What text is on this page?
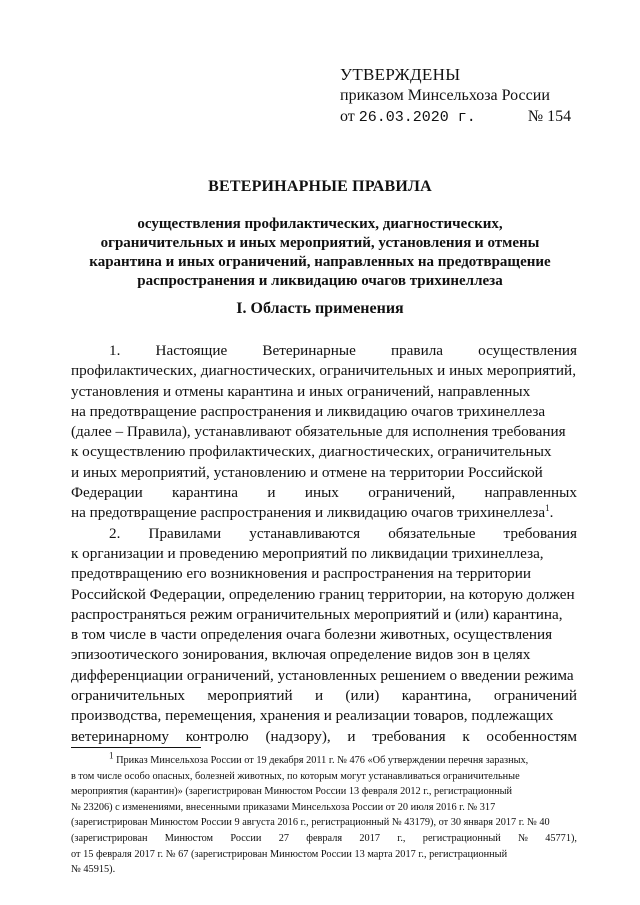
УТВЕРЖДЕНЫ
приказом Минсельхоза России
от 26.03.2020 г.	№ 154
ВЕТЕРИНАРНЫЕ ПРАВИЛА
осуществления профилактических, диагностических,
ограничительных и иных мероприятий, установления и отмены
карантина и иных ограничений, направленных на предотвращение
распространения и ликвидацию очагов трихинеллеза
I. Область применения
1. Настоящие Ветеринарные правила осуществления
профилактических, диагностических, ограничительных и иных мероприятий,
установления и отмены карантина и иных ограничений, направленных
на предотвращение распространения и ликвидацию очагов трихинеллеза
(далее – Правила), устанавливают обязательные для исполнения требования
к осуществлению профилактических, диагностических, ограничительных
и иных мероприятий, установлению и отмене на территории Российской
Федерации карантина и иных ограничений, направленных
на предотвращение распространения и ликвидацию очагов трихинеллеза$^1$.
2. Правилами устанавливаются обязательные требования
к организации и проведению мероприятий по ликвидации трихинеллеза,
предотвращению его возникновения и распространения на территории
Российской Федерации, определению границ территории, на которую должен
распространяться режим ограничительных мероприятий и (или) карантина,
в том числе в части определения очага болезни животных, осуществления
эпизоотического зонирования, включая определение видов зон в целях
дифференциации ограничений, установленных решением о введении режима
ограничительных мероприятий и (или) карантина, ограничений
производства, перемещения, хранения и реализации товаров, подлежащих
ветеринарному контролю (надзору), и требования к особенностям
$^1$ Приказ Минсельхоза России от 19 декабря 2011 г. № 476 «Об утверждении перечня заразных,
в том числе особо опасных, болезней животных, по которым могут устанавливаться ограничительные
мероприятия (карантин)» (зарегистрирован Минюстом России 13 февраля 2012 г., регистрационный
№ 23206) с изменениями, внесенными приказами Минсельхоза России от 20 июля 2016 г. № 317
(зарегистрирован Минюстом России 9 августа 2016 г., регистрационный № 43179), от 30 января 2017 г. № 40
(зарегистрирован Минюстом России 27 февраля 2017 г., регистрационный № 45771),
от 15 февраля 2017 г. № 67 (зарегистрирован Минюстом России 13 марта 2017 г., регистрационный
№ 45915).
